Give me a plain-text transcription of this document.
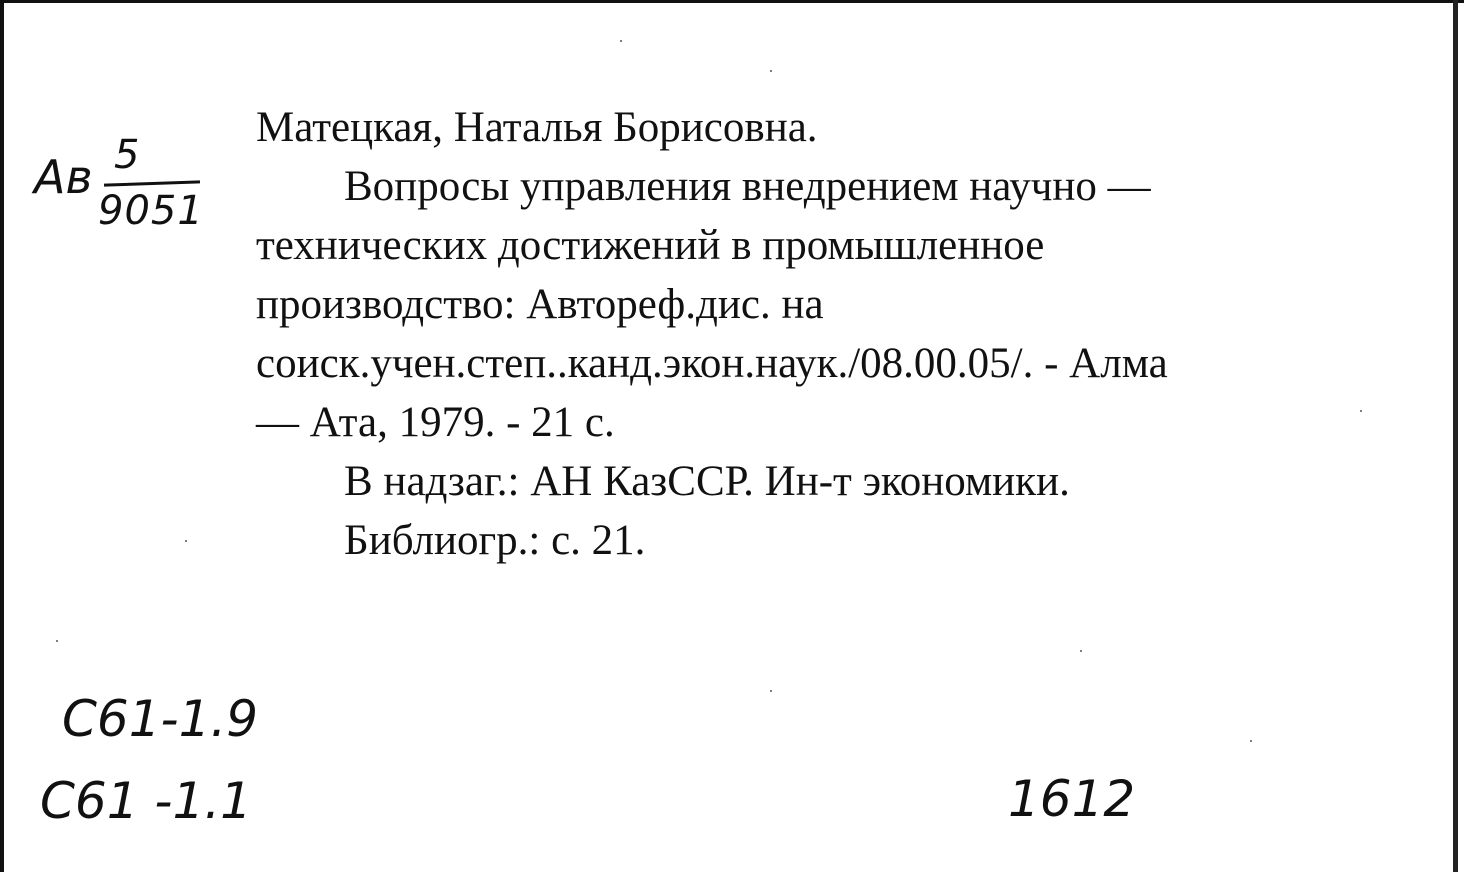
Ав 5
9051
Матецкая, Наталья Борисовна.
Вопросы управления внедрением научно —
технических достижений в промышленное
производство: Автореф.дис. на
соиск.учен.степ..канд.экон.наук./08.00.05/. - Алма
— Ата, 1979. - 21 с.
В надзаг.: АН КазССР. Ин-т экономики.
Библиогр.: с. 21.
С61-1.9
С61 -1.1	1612
